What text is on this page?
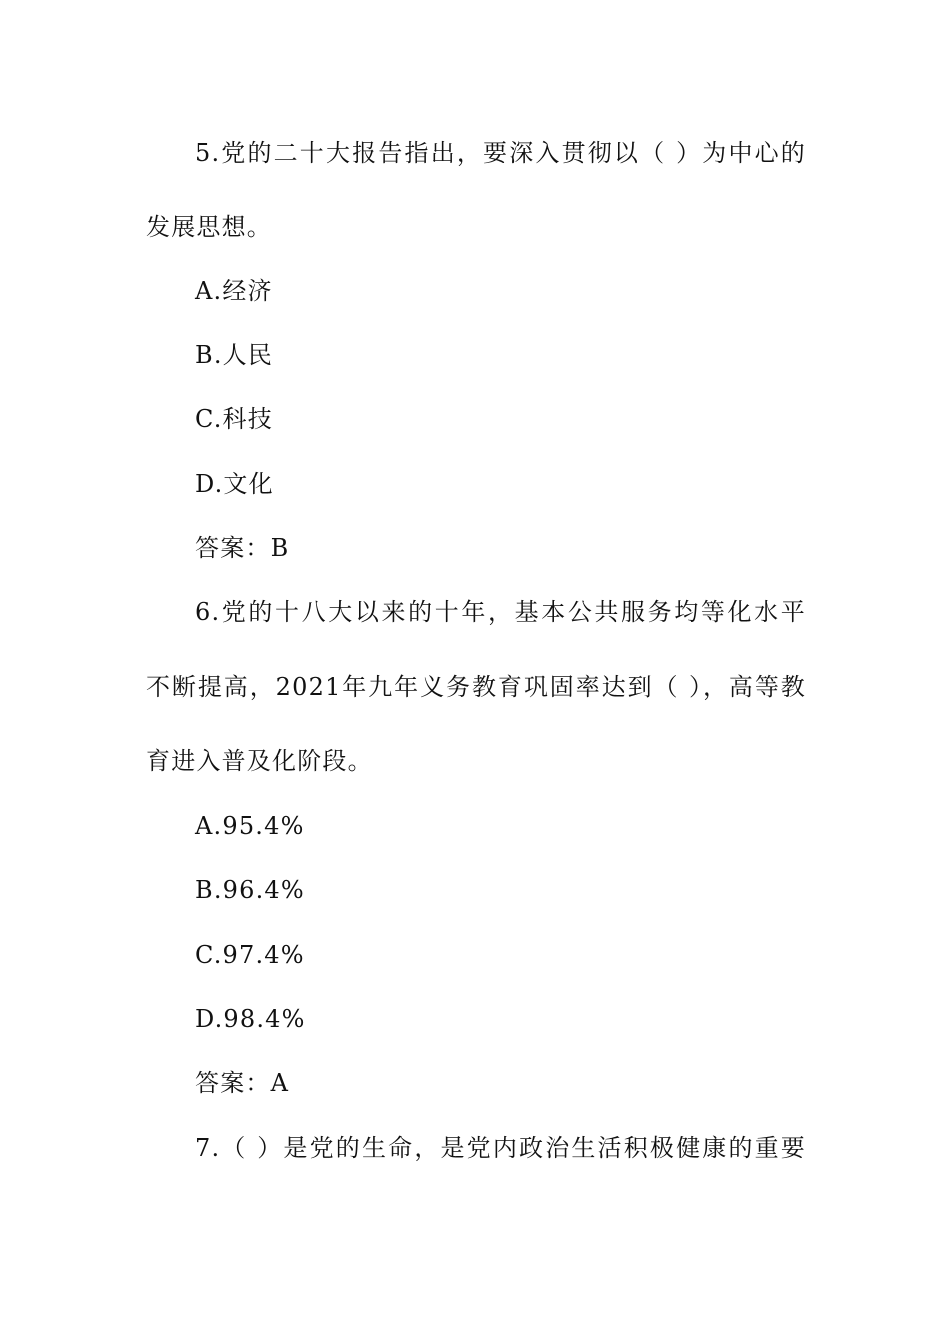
5.党的二十大报告指出，要深入贯彻以（ ）为中心的
发展思想。
A.经济
B.人民
C.科技
D.文化
答案：B
6.党的十八大以来的十年，基本公共服务均等化水平
不断提高，2021年九年义务教育巩固率达到（ ），高等教
育进入普及化阶段。
A.95.4%
B.96.4%
C.97.4%
D.98.4%
答案：A
7.（ ）是党的生命，是党内政治生活积极健康的重要
